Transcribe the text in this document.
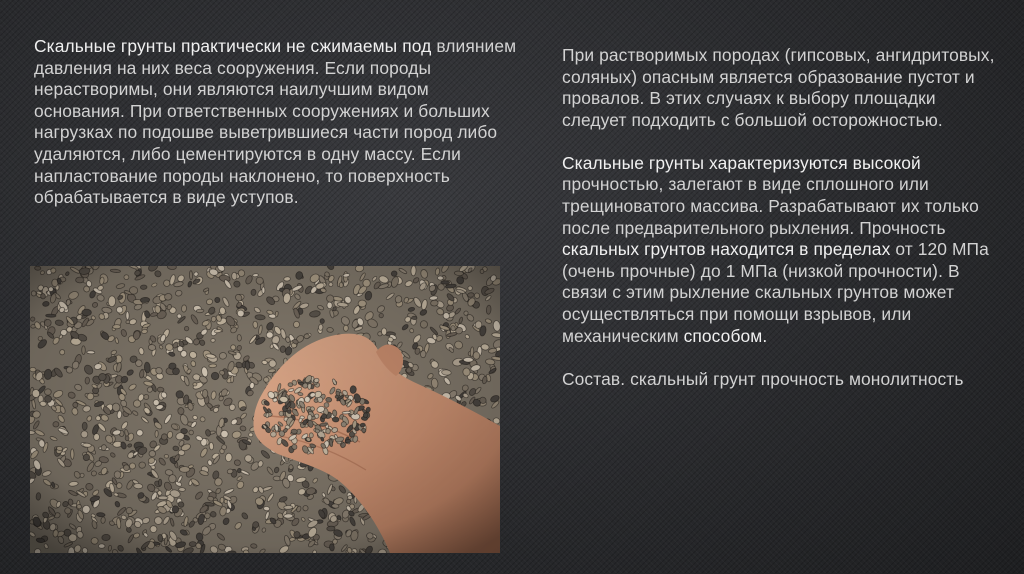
Скальные грунты практически не сжимаемы под влиянием давления на них веса сооружения. Если породы нерастворимы, они являются наилучшим видом основания. При ответственных сооружениях и больших нагрузках по подошве выветрившиеся части пород либо удаляются, либо цементируются в одну массу. Если напластование породы наклонено, то поверхность обрабатывается в виде уступов.

При растворимых породах (гипсовых, ангидритовых, соляных) опасным является образование пустот и провалов. В этих случаях к выбору площадки следует подходить с большой осторожностью.

Скальные грунты характеризуются высокой прочностью, залегают в виде сплошного или трещиноватого массива. Разрабатывают их только после предварительного рыхления. Прочность скальных грунтов находится в пределах от 120 МПа (очень прочные) до 1 МПа (низкой прочности). В связи с этим рыхление скальных грунтов может осуществляться при помощи взрывов, или механическим способом.

Состав. скальный грунт прочность монолитность
